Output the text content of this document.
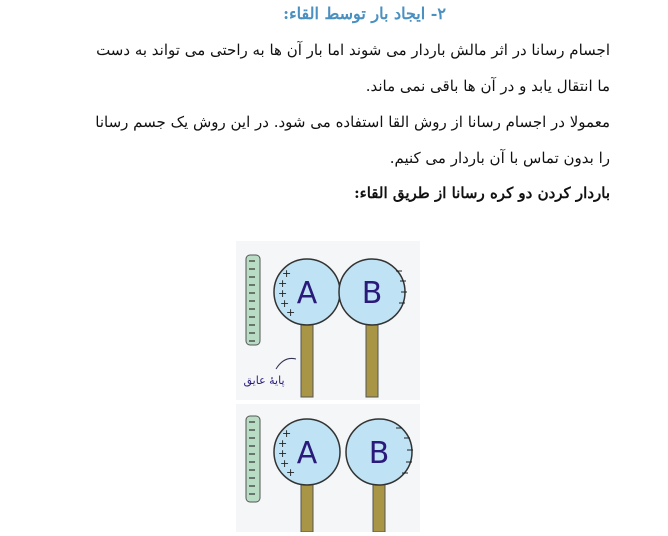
۲- ایجاد بار توسط القاء:
اجسام رسانا در اثر مالش باردار می شوند اما بار آن ها به راحتی می تواند به دست
ما انتقال یابد و در آن ها باقی نمی ماند.
معمولا در اجسام رسانا از روش القا استفاده می شود. در این روش یک جسم رسانا
را بدون تماس با آن باردار می کنیم.
باردار کردن دو کره رسانا از طریق القاء:
A B
+
+
+
+
+
پایهٔ عایق
A B
+
+
+
+
+
